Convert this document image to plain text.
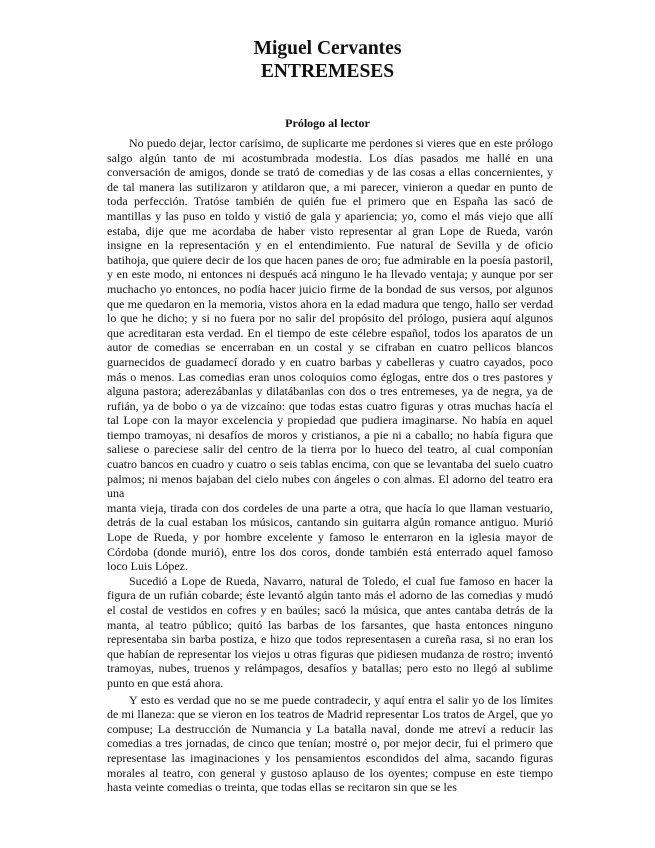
Miguel Cervantes
ENTREMESES
Prólogo al lector

No puedo dejar, lector carísimo, de suplicarte me perdones si vieres que en este prólogo salgo algún tanto de mi acostumbrada modestia. Los días pasados me hallé en una conversación de amigos, donde se trató de comedias y de las cosas a ellas concernientes, y de tal manera las sutilizaron y atildaron que, a mi parecer, vinieron a quedar en punto de toda perfección. Tratóse también de quién fue el primero que en España las sacó de mantillas y las puso en toldo y vistió de gala y apariencia; yo, como el más viejo que allí estaba, dije que me acordaba de haber visto representar al gran Lope de Rueda, varón insigne en la representación y en el entendimiento. Fue natural de Sevilla y de oficio batihoja, que quiere decir de los que hacen panes de oro; fue admirable en la poesía pastoril, y en este modo, ni entonces ni después acá ninguno le ha llevado ventaja; y aunque por ser muchacho yo entonces, no podía hacer juicio firme de la bondad de sus versos, por algunos que me quedaron en la memoria, vistos ahora en la edad madura que tengo, hallo ser verdad lo que he dicho; y si no fuera por no salir del propósito del prólogo, pusiera aquí algunos que acreditaran esta verdad. En el tiempo de este célebre español, todos los aparatos de un autor de comedias se encerraban en un costal y se cifraban en cuatro pellicos blancos guarnecidos de guadamecí dorado y en cuatro barbas y cabelleras y cuatro cayados, poco más o menos. Las comedias eran unos coloquios como églogas, entre dos o tres pastores y alguna pastora; aderezábanlas y dilatábanlas con dos o tres entremeses, ya de negra, ya de rufián, ya de bobo o ya de vizcaíno: que todas estas cuatro figuras y otras muchas hacía el tal Lope con la mayor excelencia y propiedad que pudiera imaginarse. No había en aquel tiempo tramoyas, ni desafíos de moros y cristianos, a pie ni a caballo; no había figura que saliese o pareciese salir del centro de la tierra por lo hueco del teatro, al cual componían cuatro bancos en cuadro y cuatro o seis tablas encima, con que se levantaba del suelo cuatro palmos; ni menos bajaban del cielo nubes con ángeles o con almas. El adorno del teatro era una

manta vieja, tirada con dos cordeles de una parte a otra, que hacía lo que llaman vestuario, detrás de la cual estaban los músicos, cantando sin guitarra algún romance antiguo. Murió Lope de Rueda, y por hombre excelente y famoso le enterraron en la iglesia mayor de Córdoba (donde murió), entre los dos coros, donde también está enterrado aquel famoso loco Luis López.

Sucedió a Lope de Rueda, Navarro, natural de Toledo, el cual fue famoso en hacer la figura de un rufián cobarde; éste levantó algún tanto más el adorno de las comedias y mudó el costal de vestidos en cofres y en baúles; sacó la música, que antes cantaba detrás de la manta, al teatro público; quitó las barbas de los farsantes, que hasta entonces ninguno representaba sin barba postiza, e hizo que todos representasen a cureña rasa, si no eran los que habían de representar los viejos u otras figuras que pidiesen mudanza de rostro; inventó tramoyas, nubes, truenos y relámpagos, desafíos y batallas; pero esto no llegó al sublime punto en que está ahora.

Y esto es verdad que no se me puede contradecir, y aquí entra el salir yo de los límites de mi llaneza: que se vieron en los teatros de Madrid representar Los tratos de Argel, que yo compuse; La destrucción de Numancia y La batalla naval, donde me atreví a reducir las comedias a tres jornadas, de cinco que tenían; mostré o, por mejor decir, fui el primero que representase las imaginaciones y los pensamientos escondidos del alma, sacando figuras morales al teatro, con general y gustoso aplauso de los oyentes; compuse en este tiempo hasta veinte comedias o treinta, que todas ellas se recitaron sin que se les
